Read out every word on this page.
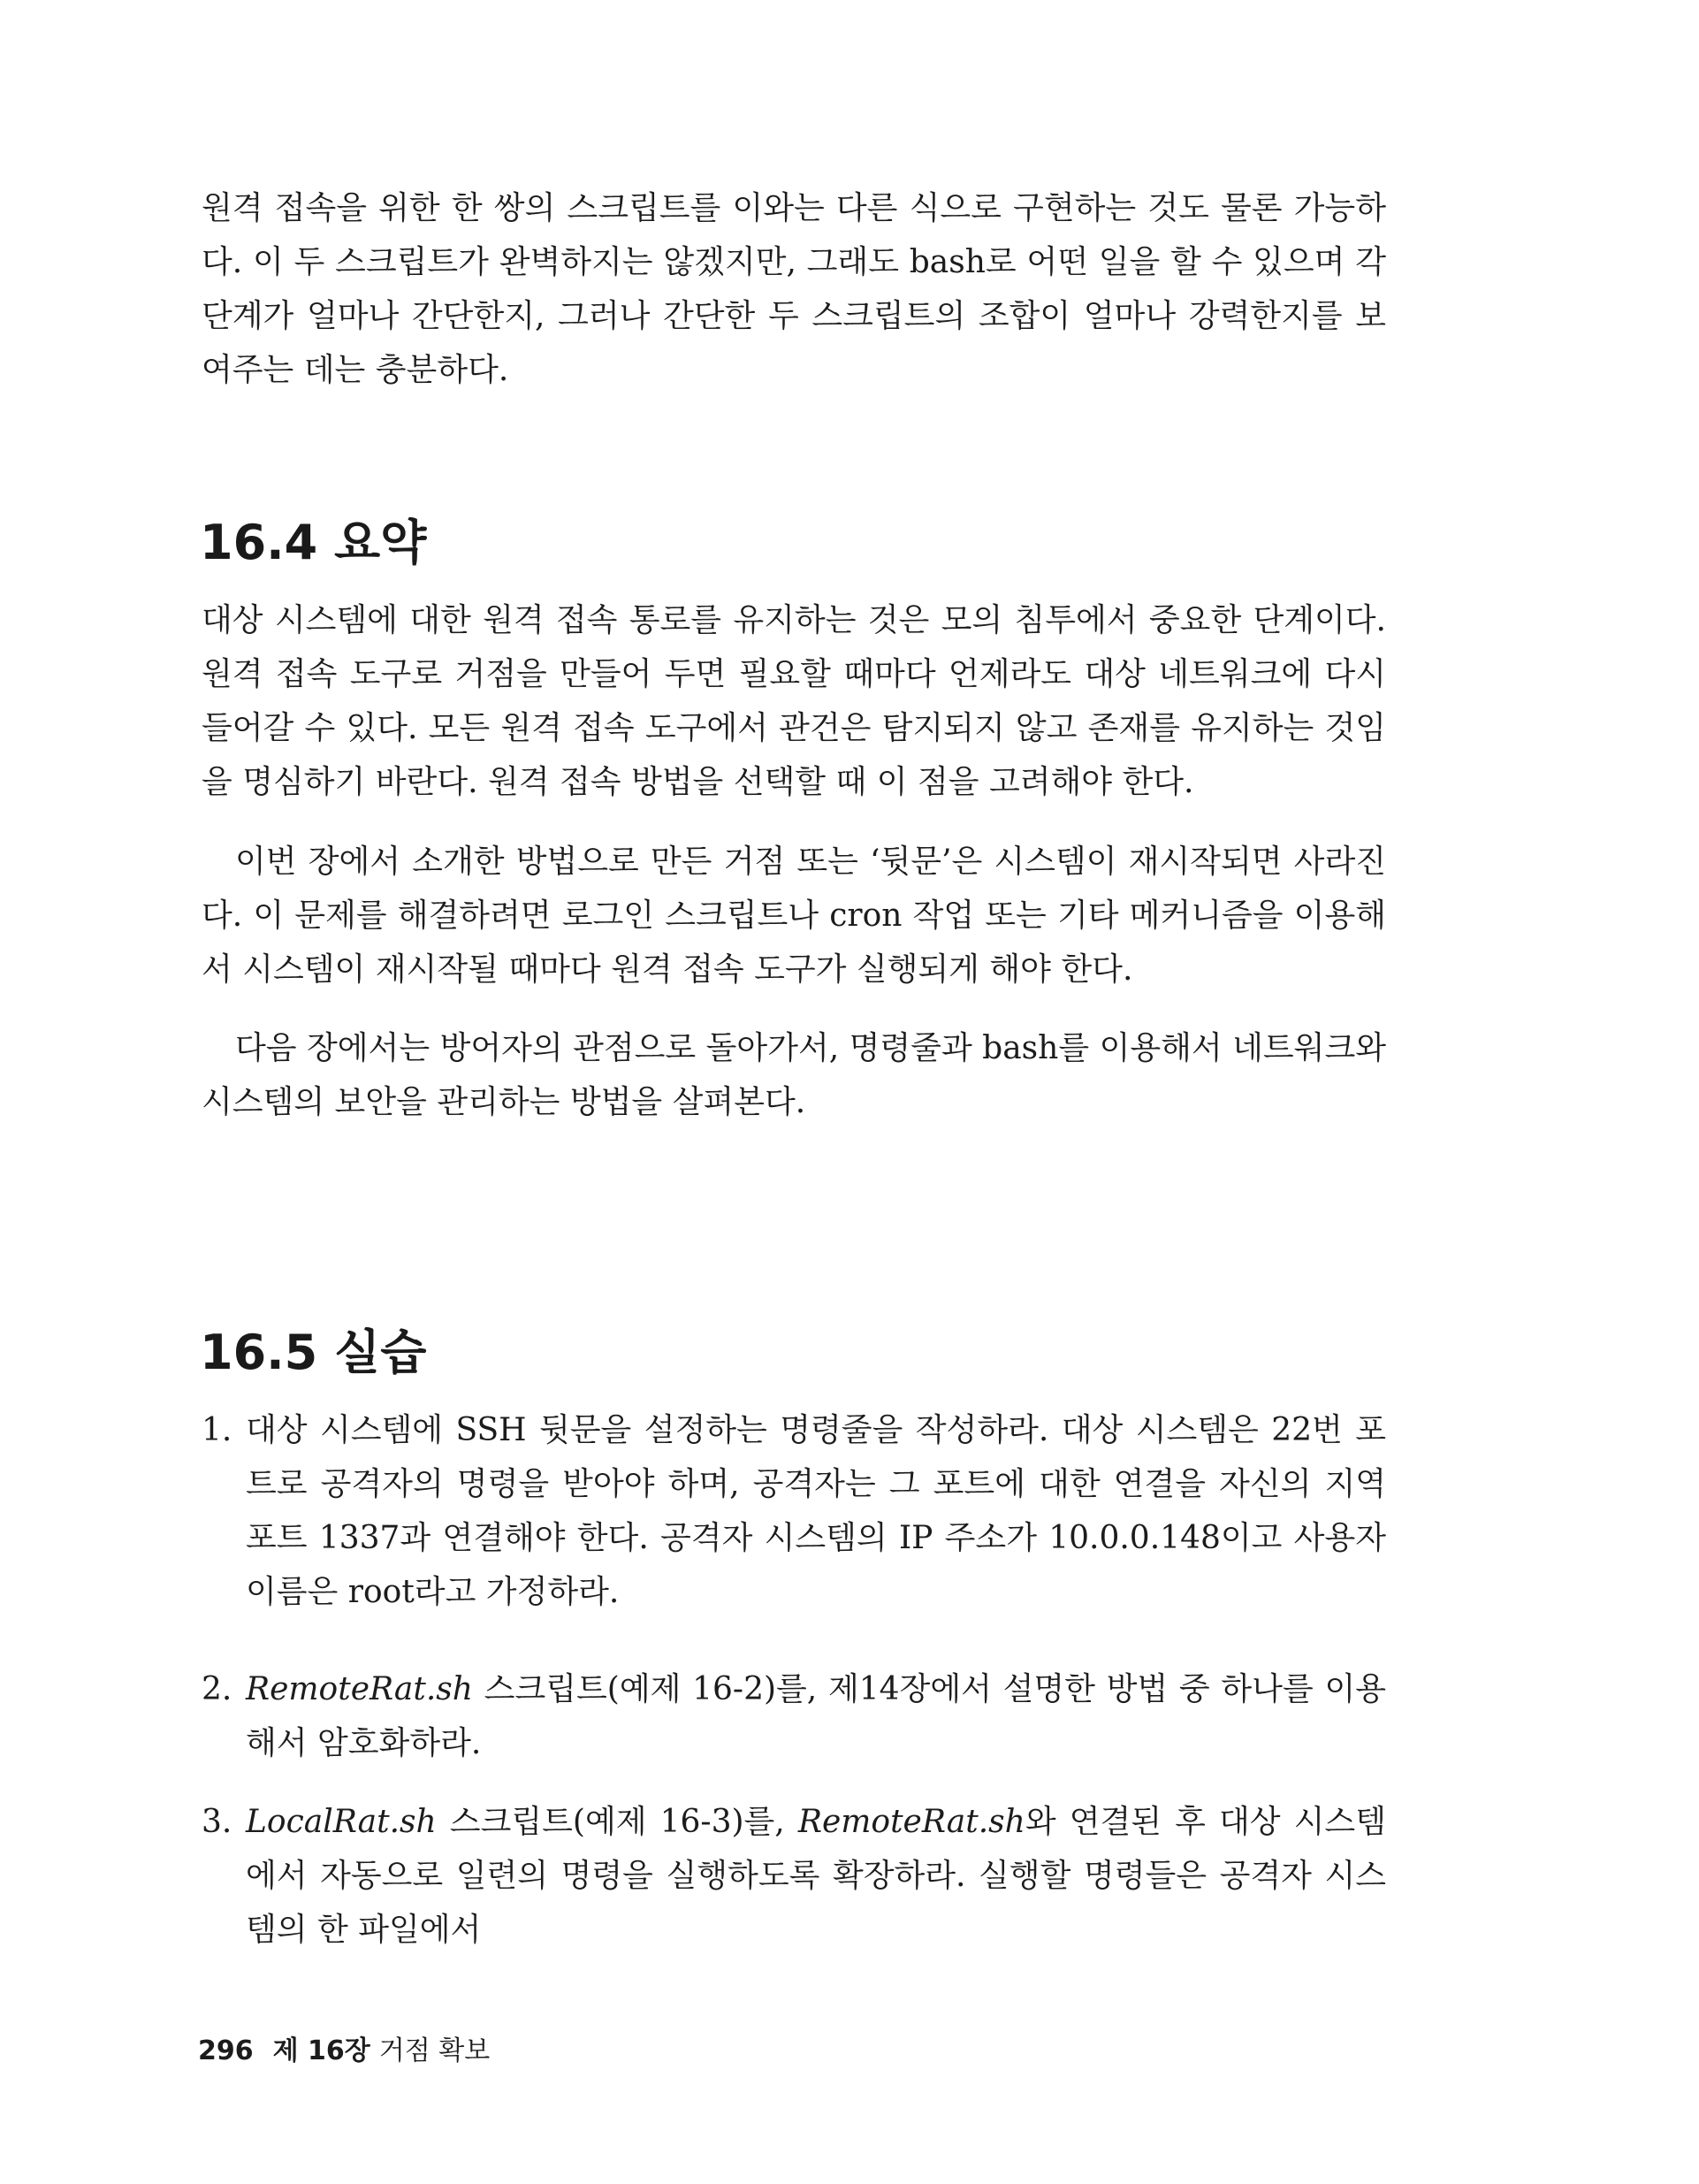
원격 접속을 위한 한 쌍의 스크립트를 이와는 다른 식으로 구현하는 것도 물론 가능하다. 이 두 스크립트가 완벽하지는 않겠지만, 그래도 bash로 어떤 일을 할 수 있으며 각 단계가 얼마나 간단한지, 그러나 간단한 두 스크립트의 조합이 얼마나 강력한지를 보여주는 데는 충분하다.

16.4 요약

대상 시스템에 대한 원격 접속 통로를 유지하는 것은 모의 침투에서 중요한 단계이다. 원격 접속 도구로 거점을 만들어 두면 필요할 때마다 언제라도 대상 네트워크에 다시 들어갈 수 있다. 모든 원격 접속 도구에서 관건은 탐지되지 않고 존재를 유지하는 것임을 명심하기 바란다. 원격 접속 방법을 선택할 때 이 점을 고려해야 한다.

이번 장에서 소개한 방법으로 만든 거점 또는 ‘뒷문’은 시스템이 재시작되면 사라진다. 이 문제를 해결하려면 로그인 스크립트나 cron 작업 또는 기타 메커니즘을 이용해서 시스템이 재시작될 때마다 원격 접속 도구가 실행되게 해야 한다.

다음 장에서는 방어자의 관점으로 돌아가서, 명령줄과 bash를 이용해서 네트워크와 시스템의 보안을 관리하는 방법을 살펴본다.

16.5 실습
1. 대상 시스템에 SSH 뒷문을 설정하는 명령줄을 작성하라. 대상 시스템은 22번 포트로 공격자의 명령을 받아야 하며, 공격자는 그 포트에 대한 연결을 자신의 지역 포트 1337과 연결해야 한다. 공격자 시스템의 IP 주소가 10.0.0.148이고 사용자 이름은 root라고 가정하라.

2. RemoteRat.sh 스크립트(예제 16-2)를, 제14장에서 설명한 방법 중 하나를 이용해서 암호화하라.

3. LocalRat.sh 스크립트(예제 16-3)를, RemoteRat.sh와 연결된 후 대상 시스템에서 자동으로 일련의 명령을 실행하도록 확장하라. 실행할 명령들은 공격자 시스템의 한 파일에서

296 제 16장 거점 확보
